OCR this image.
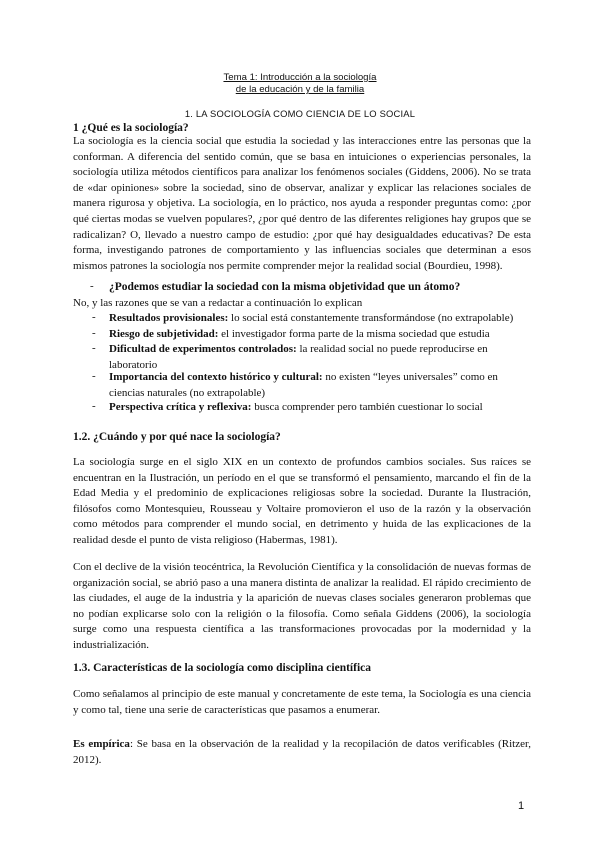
Tema 1: Introducción a la sociología
de la educación y de la familia
1. LA SOCIOLOGÍA COMO CIENCIA DE LO SOCIAL
1 ¿Qué es la sociología?
La sociología es la ciencia social que estudia la sociedad y las interacciones entre las personas que la conforman. A diferencia del sentido común, que se basa en intuiciones o experiencias personales, la sociología utiliza métodos científicos para analizar los fenómenos sociales (Giddens, 2006). No se trata de «dar opiniones» sobre la sociedad, sino de observar, analizar y explicar las relaciones sociales de manera rigurosa y objetiva. La sociología, en lo práctico, nos ayuda a responder preguntas como: ¿por qué ciertas modas se vuelven populares?, ¿por qué dentro de las diferentes religiones hay grupos que se radicalizan? O, llevado a nuestro campo de estudio: ¿por qué hay desigualdades educativas? De esta forma, investigando patrones de comportamiento y las influencias sociales que determinan a esos mismos patrones la sociología nos permite comprender mejor la realidad social (Bourdieu, 1998).
- ¿Podemos estudiar la sociedad con la misma objetividad que un átomo?
No, y las razones que se van a redactar a continuación lo explican
- Resultados provisionales: lo social está constantemente transformándose (no extrapolable)
- Riesgo de subjetividad: el investigador forma parte de la misma sociedad que estudia
- Dificultad de experimentos controlados: la realidad social no puede reproducirse en laboratorio
- Importancia del contexto histórico y cultural: no existen “leyes universales” como en ciencias naturales (no extrapolable)
- Perspectiva crítica y reflexiva: busca comprender pero también cuestionar lo social
1.2. ¿Cuándo y por qué nace la sociología?
La sociología surge en el siglo XIX en un contexto de profundos cambios sociales. Sus raíces se encuentran en la Ilustración, un período en el que se transformó el pensamiento, marcando el fin de la Edad Media y el predominio de explicaciones religiosas sobre la sociedad. Durante la Ilustración, filósofos como Montesquieu, Rousseau y Voltaire promovieron el uso de la razón y la observación como métodos para comprender el mundo social, en detrimento y huida de las explicaciones de la realidad desde el punto de vista religioso (Habermas, 1981).
Con el declive de la visión teocéntrica, la Revolución Científica y la consolidación de nuevas formas de organización social, se abrió paso a una manera distinta de analizar la realidad. El rápido crecimiento de las ciudades, el auge de la industria y la aparición de nuevas clases sociales generaron problemas que no podían explicarse solo con la religión o la filosofía. Como señala Giddens (2006), la sociología surge como una respuesta científica a las transformaciones provocadas por la modernidad y la industrialización.
1.3. Características de la sociología como disciplina científica
Como señalamos al principio de este manual y concretamente de este tema, la Sociología es una ciencia y como tal, tiene una serie de características que pasamos a enumerar.
Es empírica: Se basa en la observación de la realidad y la recopilación de datos verificables (Ritzer, 2012).
1
